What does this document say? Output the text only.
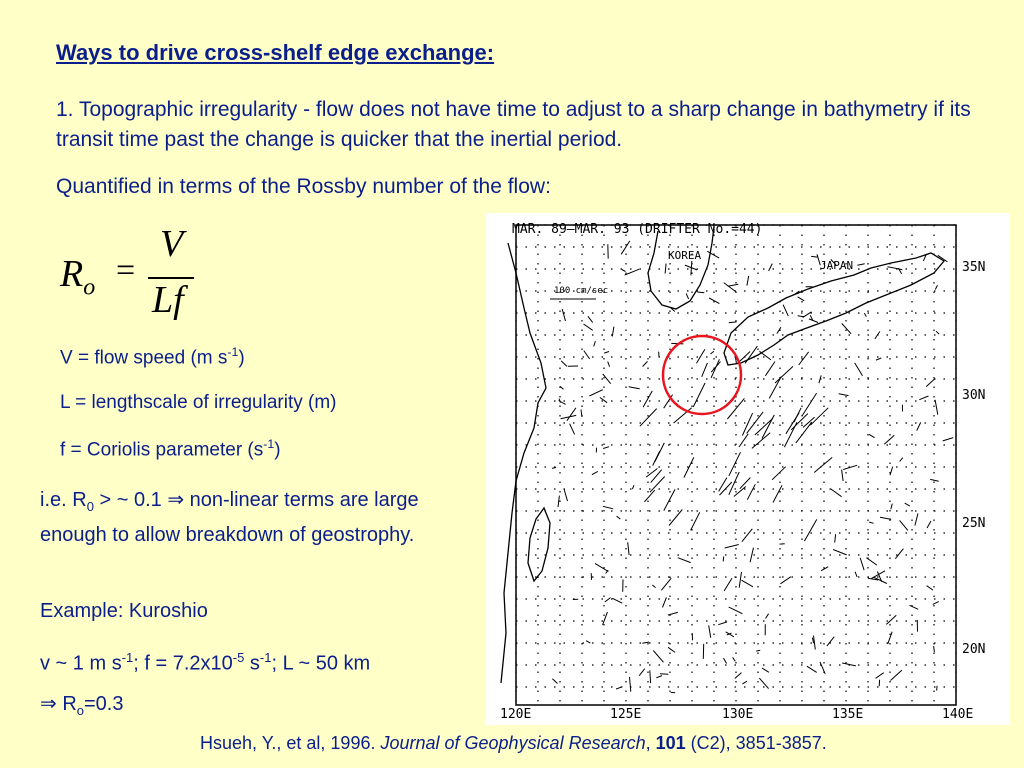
Ways to drive cross-shelf edge exchange:
1. Topographic irregularity - flow does not have time to adjust to a sharp change in bathymetry if its transit time past the change is quicker that the inertial period.
Quantified in terms of the Rossby number of the flow:
$R_o$ =
V
Lf
V = flow speed (m $s^{-1}$)
L = lengthscale of irregularity (m)
f = Coriolis parameter $(s^{-1})$
i.e. $R_0$ > ~ 0.1 ⇒ non-linear terms are large enough to allow breakdown of geostrophy.
Example: Kuroshio
v ~ 1 m $s^{-1}$; $f = 7.2x10^{-5}$ $s^{-1}$; L ~ 50 km
⇒ $R_o=0.3$
MAR. 89–MAR. 93 (DRIFTER No.=44)
KOREA
JAPAN
100 cm/sec
35N
30N
25N
20N
120E	125E	130E	135E	140E
Hsueh, Y., et al, 1996. Journal of Geophysical Research, 101 (C2), 3851-3857.
